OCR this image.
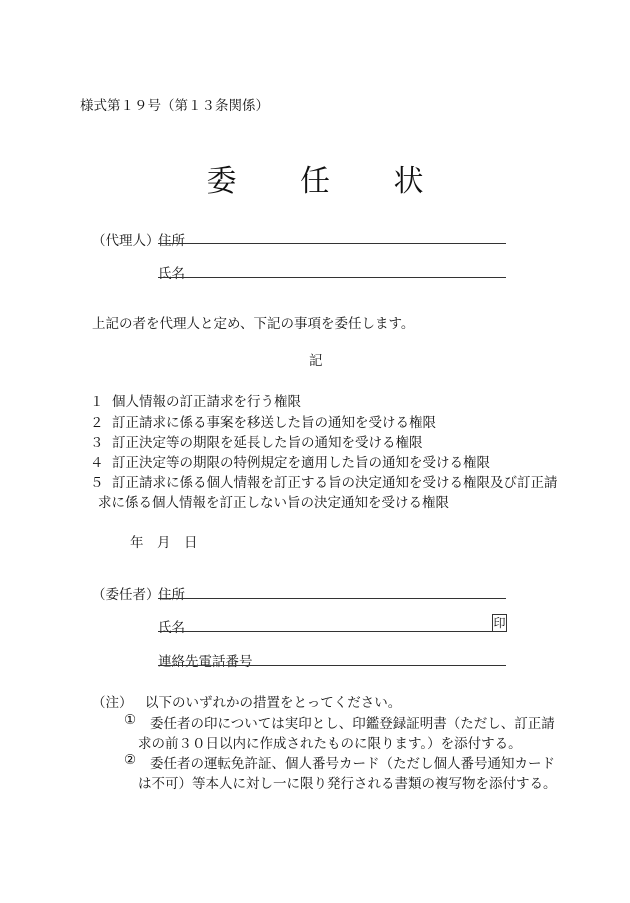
様式第１９号（第１３条関係）
委 任 状
（代理人）
住所
氏名
上記の者を代理人と定め、下記の事項を委任します。
記
１ 個人情報の訂正請求を行う権限
２ 訂正請求に係る事案を移送した旨の通知を受ける権限
３ 訂正決定等の期限を延長した旨の通知を受ける権限
４ 訂正決定等の期限の特例規定を適用した旨の通知を受ける権限
５ 訂正請求に係る個人情報を訂正する旨の決定通知を受ける権限及び訂正請
求に係る個人情報を訂正しない旨の決定通知を受ける権限
年　月　日
（委任者）
住所
氏名	印
連絡先電話番号
（注） 以下のいずれかの措置をとってください。
① 委任者の印については実印とし、印鑑登録証明書（ただし、訂正請
求の前３０日以内に作成されたものに限ります。）を添付する。
② 委任者の運転免許証、個人番号カード（ただし個人番号通知カード
は不可）等本人に対し一に限り発行される書類の複写物を添付する。
